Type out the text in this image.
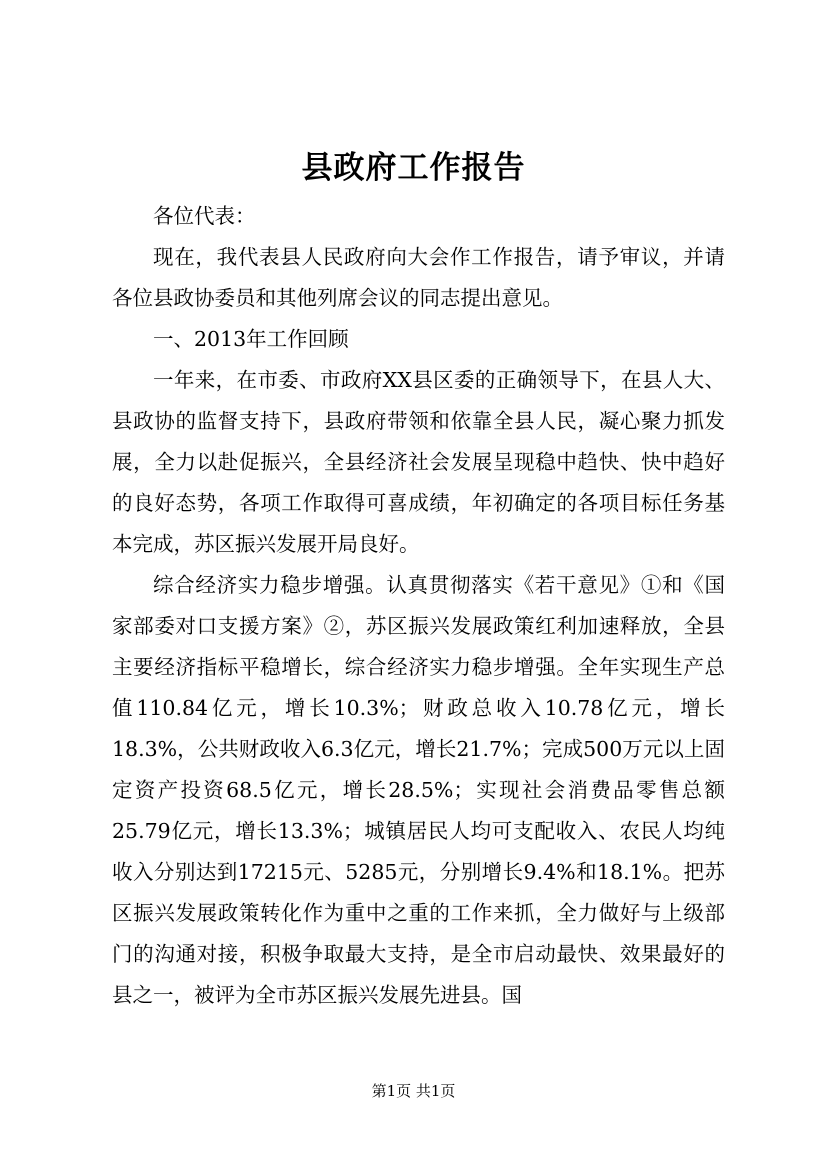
县政府工作报告

各位代表：

现在，我代表县人民政府向大会作工作报告，请予审议，并请各位县政协委员和其他列席会议的同志提出意见。

一、2013年工作回顾

一年来，在市委、市政府XX县区委的正确领导下，在县人大、县政协的监督支持下，县政府带领和依靠全县人民，凝心聚力抓发展，全力以赴促振兴，全县经济社会发展呈现稳中趋快、快中趋好的良好态势，各项工作取得可喜成绩，年初确定的各项目标任务基本完成，苏区振兴发展开局良好。

综合经济实力稳步增强。认真贯彻落实《若干意见》①和《国家部委对口支援方案》②，苏区振兴发展政策红利加速释放，全县主要经济指标平稳增长，综合经济实力稳步增强。全年实现生产总值110.84亿元，增长10.3%；财政总收入10.78亿元，增长18.3%，公共财政收入6.3亿元，增长21.7%；完成500万元以上固定资产投资68.5亿元，增长28.5%；实现社会消费品零售总额25.79亿元，增长13.3%；城镇居民人均可支配收入、农民人均纯收入分别达到17215元、5285元，分别增长9.4%和18.1%。把苏区振兴发展政策转化作为重中之重的工作来抓，全力做好与上级部门的沟通对接，积极争取最大支持，是全市启动最快、效果最好的县之一，被评为全市苏区振兴发展先进县。国

第1页 共1页
